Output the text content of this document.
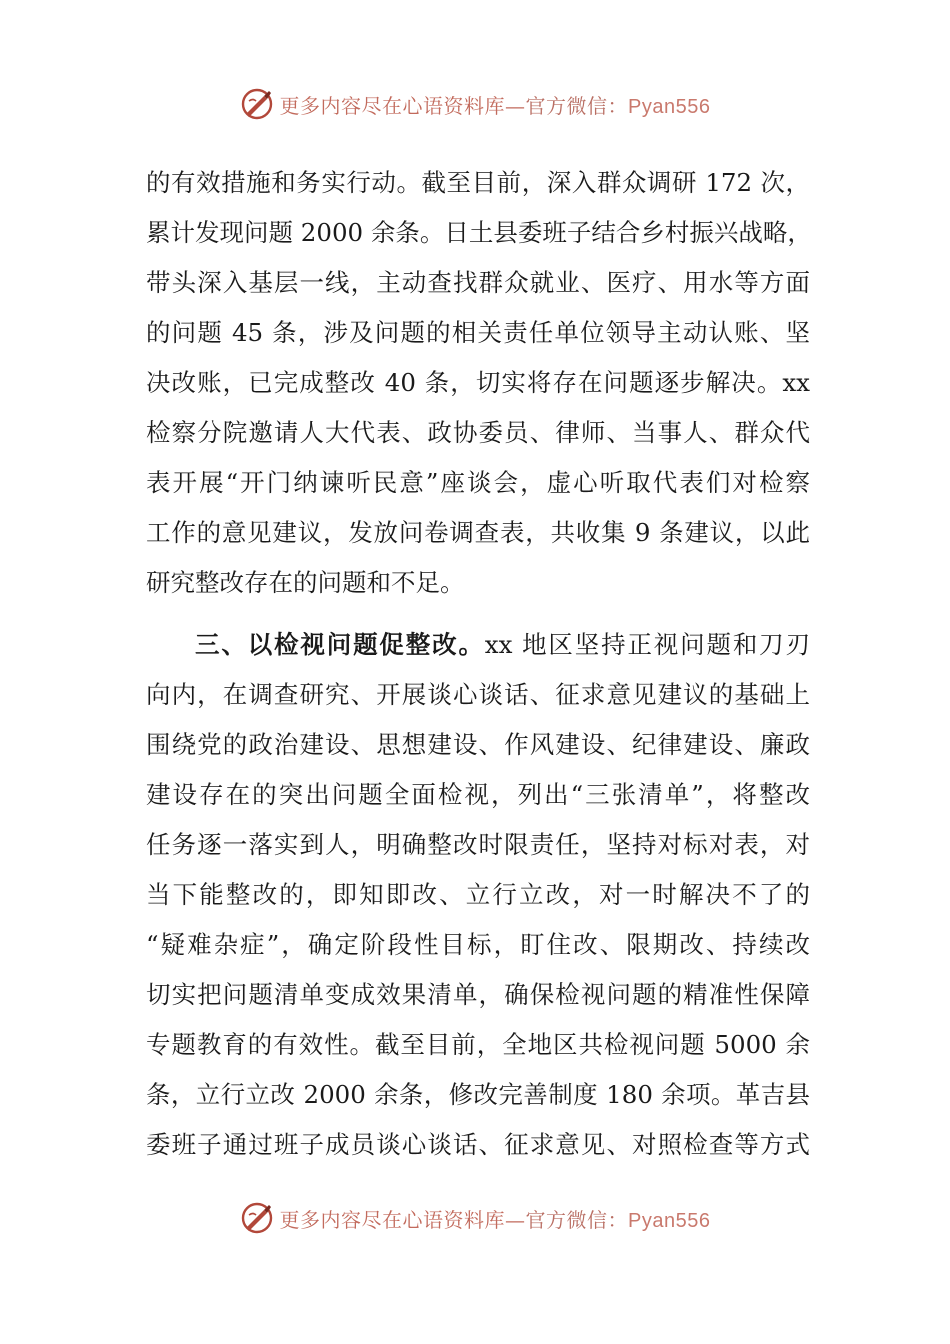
更多内容尽在心语资料库—官方微信：Pyan556
的有效措施和务实行动。截至目前，深入群众调研 172 次，
累计发现问题 2000 余条。日土县委班子结合乡村振兴战略，
带头深入基层一线，主动查找群众就业、医疗、用水等方面
的问题 45 条，涉及问题的相关责任单位领导主动认账、坚
决改账，已完成整改 40 条，切实将存在问题逐步解决。xx
检察分院邀请人大代表、政协委员、律师、当事人、群众代
表开展“开门纳谏听民意”座谈会，虚心听取代表们对检察
工作的意见建议，发放问卷调查表，共收集 9 条建议，以此
研究整改存在的问题和不足。
三、以检视问题促整改。xx 地区坚持正视问题和刀刃
向内，在调查研究、开展谈心谈话、征求意见建议的基础上
围绕党的政治建设、思想建设、作风建设、纪律建设、廉政
建设存在的突出问题全面检视，列出“三张清单”，将整改
任务逐一落实到人，明确整改时限责任，坚持对标对表，对
当下能整改的，即知即改、立行立改，对一时解决不了的
“疑难杂症”，确定阶段性目标，盯住改、限期改、持续改
切实把问题清单变成效果清单，确保检视问题的精准性保障
专题教育的有效性。截至目前，全地区共检视问题 5000 余
条，立行立改 2000 余条，修改完善制度 180 余项。革吉县
委班子通过班子成员谈心谈话、征求意见、对照检查等方式
更多内容尽在心语资料库—官方微信：Pyan556
